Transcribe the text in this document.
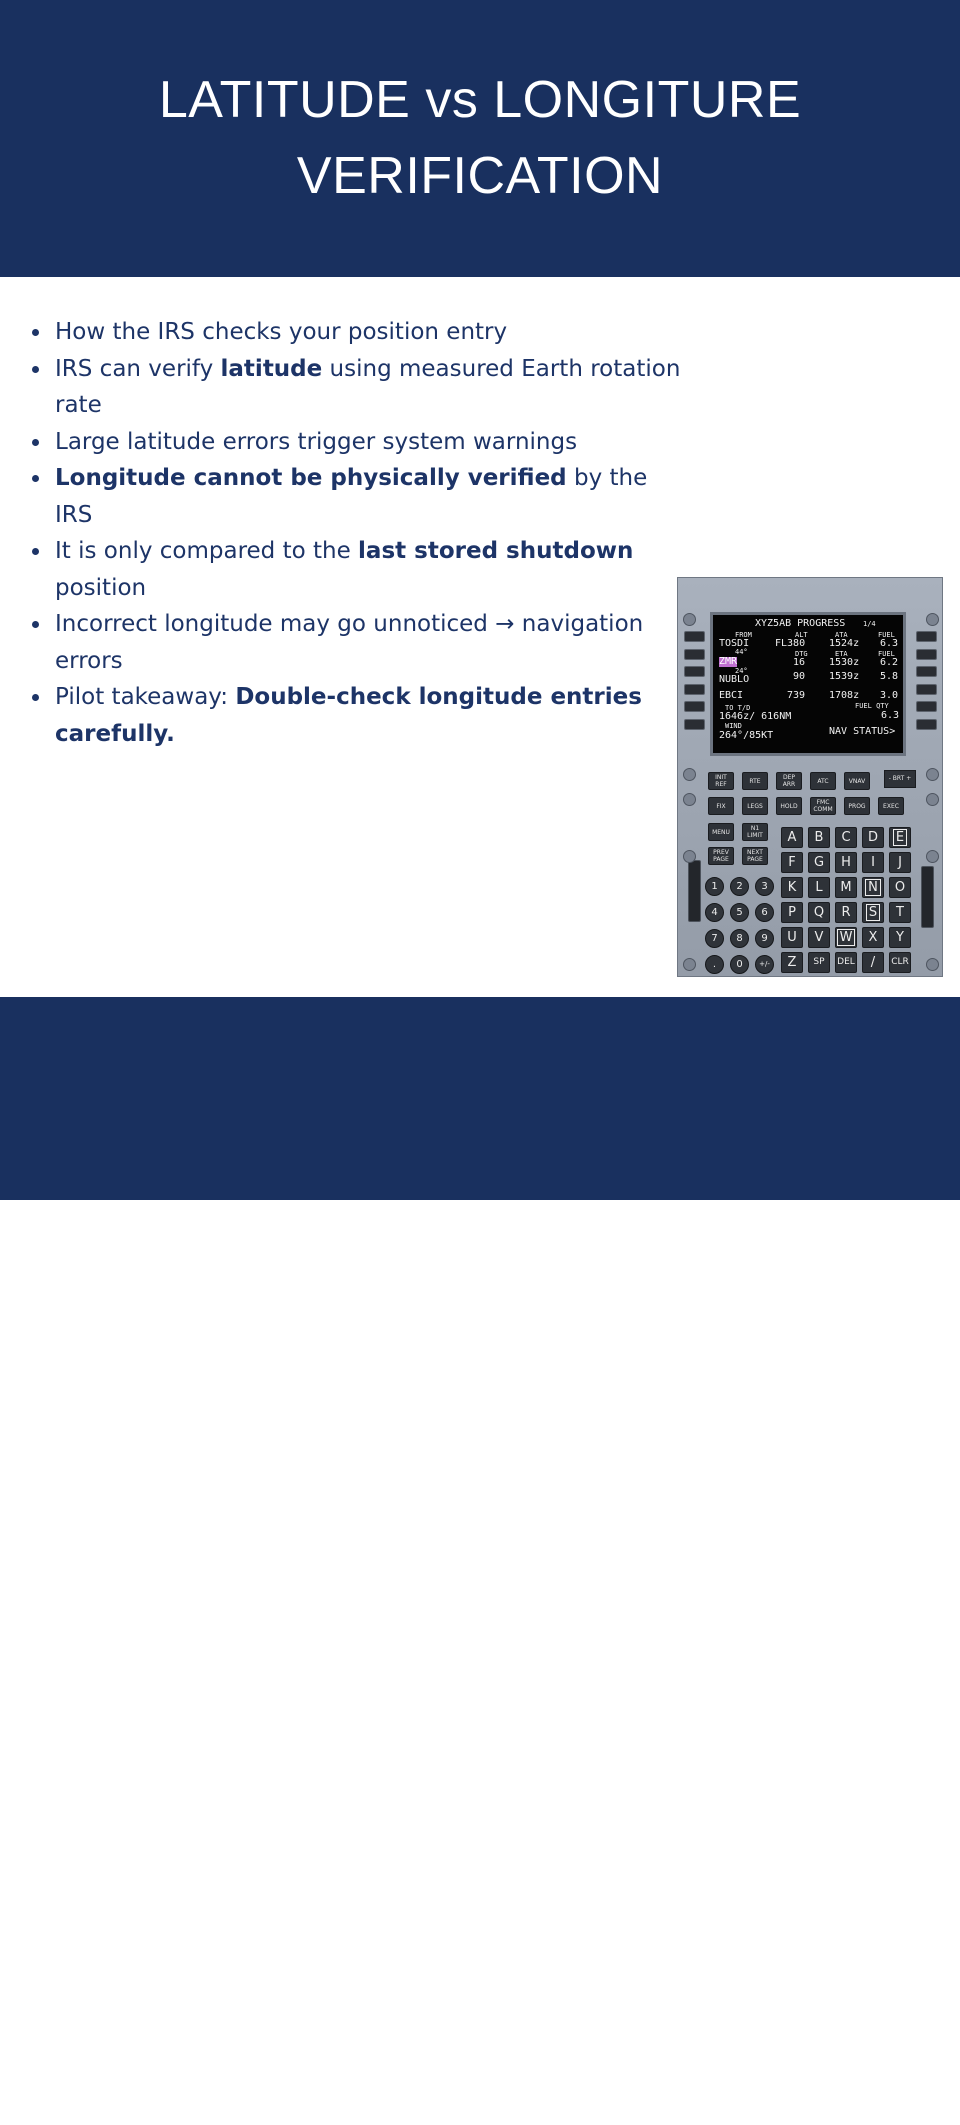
LATITUDE vs LONGITURE VERIFICATION
How the IRS checks your position entry
IRS can verify latitude using measured Earth rotation rate
Large latitude errors trigger system warnings
Longitude cannot be physically verified by the IRS
It is only compared to the last stored shutdown position
Incorrect longitude may go unnoticed → navigation errors
Pilot takeaway: Double-check longitude entries carefully.
XYZ5AB PROGRESS	1/4
FROM	ALT	ATA	FUEL
TOSDI	FL380 1524z 6.3
44°	DTG	ETA	FUEL
ZMR	16 1530z 6.2
24°
NUBLO	90 1539z 5.8
EBCI	739 1708z 3.0
TO T/D	FUEL QTY
1646z/ 616NM	6.3
WIND
264°/85KT	NAV STATUS>
- BRT +
INIT REF	RTE	DEP ARR	ATC	VNAV
FIX	LEGS	HOLD	FMC COMM	PROG	EXEC
MENU	N1 LIMIT
PREV PAGE
NEXT PAGE
A	B	C	D	E
F	G	H	I	J
K	L	M	N	O
P	Q	R	S	T
U	V	W	X	Y
Z	SP	DEL	/	CLR
1	2	3
4	5	6
7	8	9
.	0	+/-
Aviatione X am
